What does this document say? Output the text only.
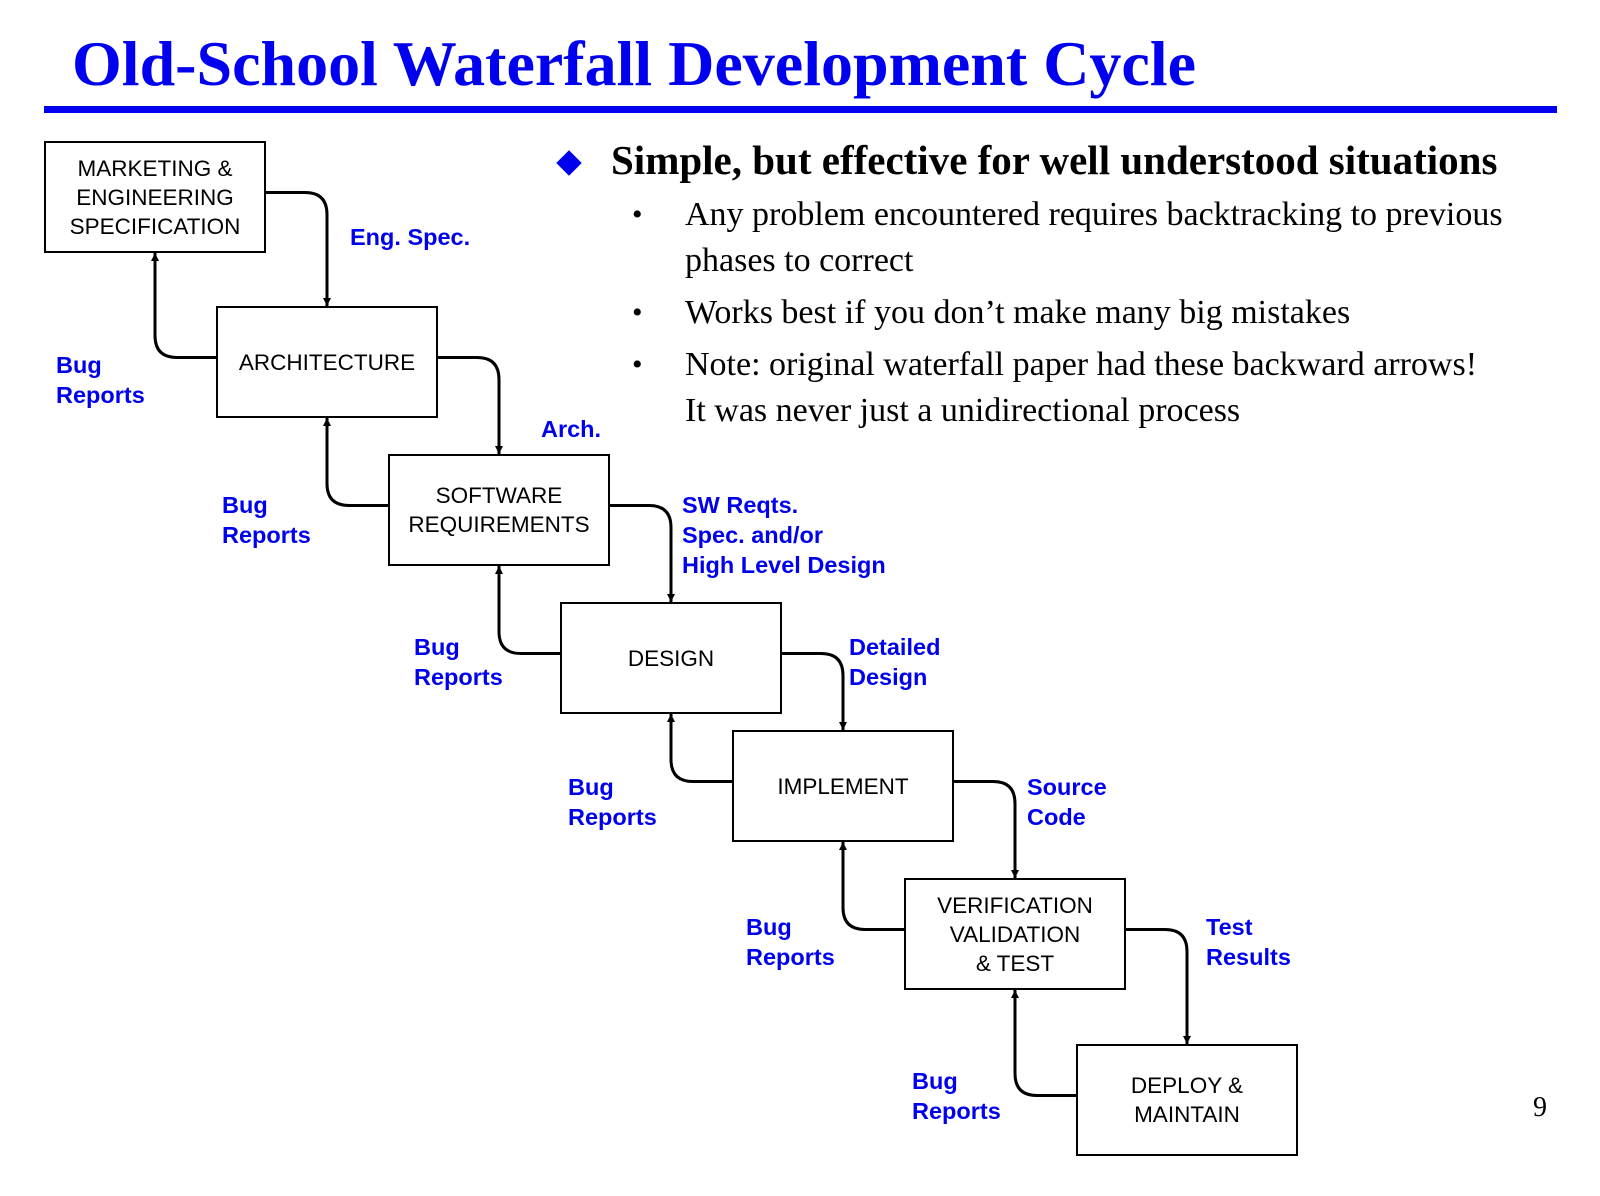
Old-School Waterfall Development Cycle
Simple, but effective for well understood situations
• Any problem encountered requires backtracking to previous phases to correct
• Works best if you don’t make many big mistakes
• Note: original waterfall paper had these backward arrows! It was never just a unidirectional process
MARKETING &
ENGINEERING
SPECIFICATION
ARCHITECTURE
SOFTWARE
REQUIREMENTS
DESIGN
IMPLEMENT
VERIFICATION
VALIDATION
& TEST
DEPLOY &
MAINTAIN
Eng. Spec.
Arch.
SW Reqts.
Spec. and/or
High Level Design
Detailed
Design
Source
Code
Test
Results
Bug
Reports
Bug
Reports
Bug
Reports
Bug
Reports
Bug
Reports
Bug
Reports	9
